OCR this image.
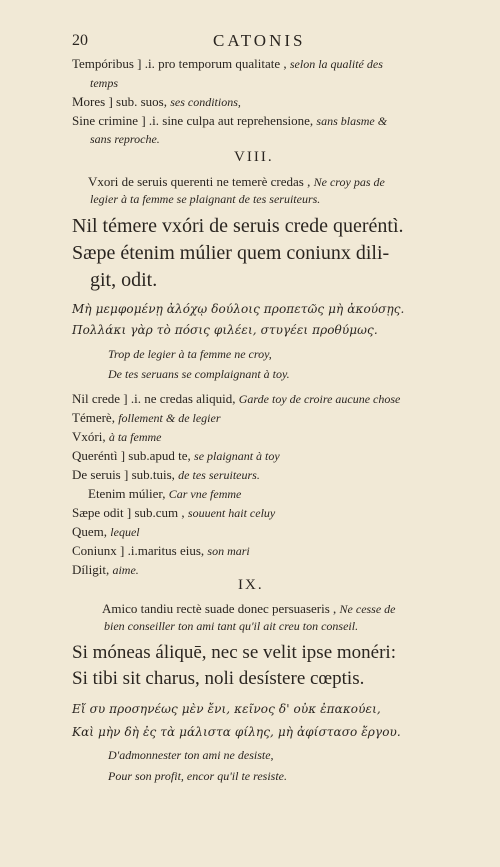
20	CATONIS
Tempóribus ] .i. pro temporum qualitate , selon la qualité des
temps
Mores ] sub. suos, ses conditions,
Sine crimine ] .i. sine culpa aut reprehensione, sans blasme &
sans reproche.
VIII.
Vxori de seruis querenti ne temerè credas , Ne croy pas de
legier à ta femme se plaignant de tes seruiteurs.
Nil témere vxóri de seruis crede queréntì.
Sæpe étenim múlier quem coniunx dili-
git, odit.
Μὴ μεμφομένῃ ἀλόχῳ δούλοις προπετῶς μὴ ἀκούσῃς.
Πολλάκι γὰρ τὸ πόσις φιλέει, στυγέει προθύμως.
Trop de legier à ta femme ne croy,
De tes seruans se complaignant à toy.
Nil crede ] .i. ne credas aliquid, Garde toy de croire aucune chose
Témerè, follement & de legier
Vxóri, à ta femme
Queréntì ] sub.apud te, se plaignant à toy
De seruis ] sub.tuis, de tes seruiteurs.
Etenim múlier, Car vne femme
Sæpe odit ] sub.cum , souuent hait celuy
Quem, lequel
Coniunx ] .i.maritus eius, son mari
Díligit, aime.
IX.
Amico tandiu rectè suade donec persuaseris , Ne cesse de
bien conseiller ton ami tant qu'il ait creu ton conseil.
Si móneas áliquē, nec se velit ipse monéri:
Si tibi sit charus, noli desístere cœptis.
Εἴ συ προσηνέως μὲν ἔνι, κεῖνος δ' οὐκ ἐπακούει,
Καὶ μὴν δὴ ἐς τὰ μάλιστα φίλης, μὴ ἀφίστασο ἔργου.
D'admonnester ton ami ne desiste,
Pour son profit, encor qu'il te resiste.
